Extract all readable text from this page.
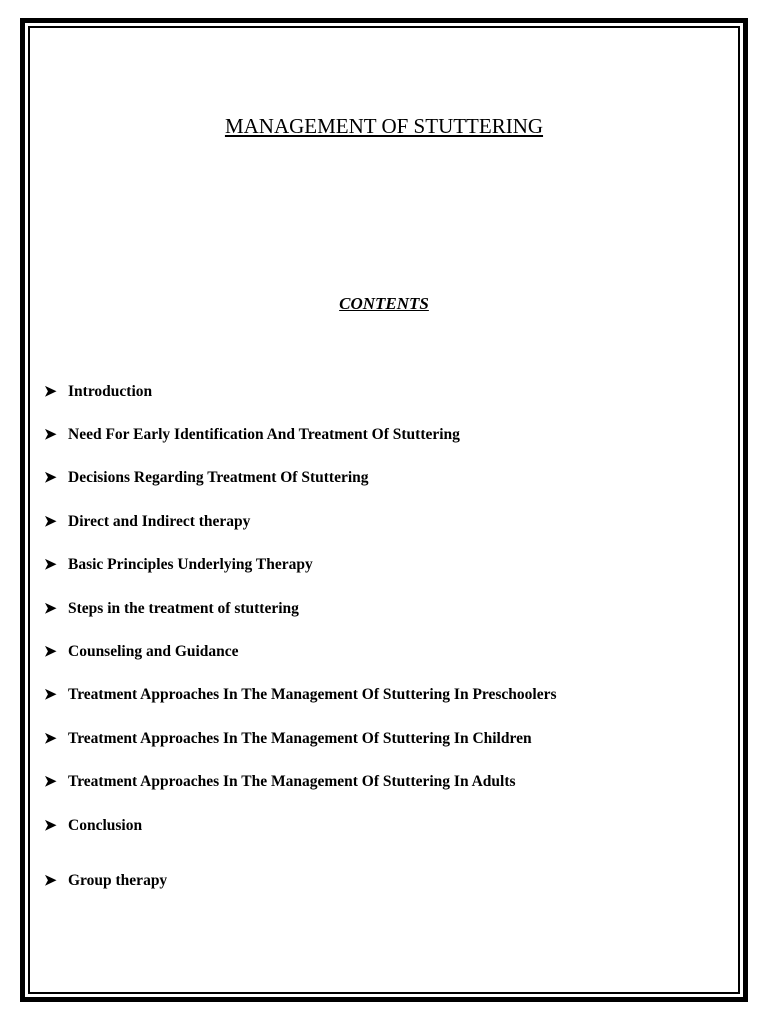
MANAGEMENT OF STUTTERING
CONTENTS
➤ Introduction
➤ Need For Early Identification And Treatment Of Stuttering
➤ Decisions Regarding Treatment Of Stuttering
➤ Direct and Indirect therapy
➤ Basic Principles Underlying Therapy
➤ Steps in the treatment of stuttering
➤ Counseling and Guidance
➤ Treatment Approaches In The Management Of Stuttering In Preschoolers
➤ Treatment Approaches In The Management Of Stuttering In Children
➤ Treatment Approaches In The Management Of Stuttering In Adults
➤ Conclusion
➤ Group therapy
